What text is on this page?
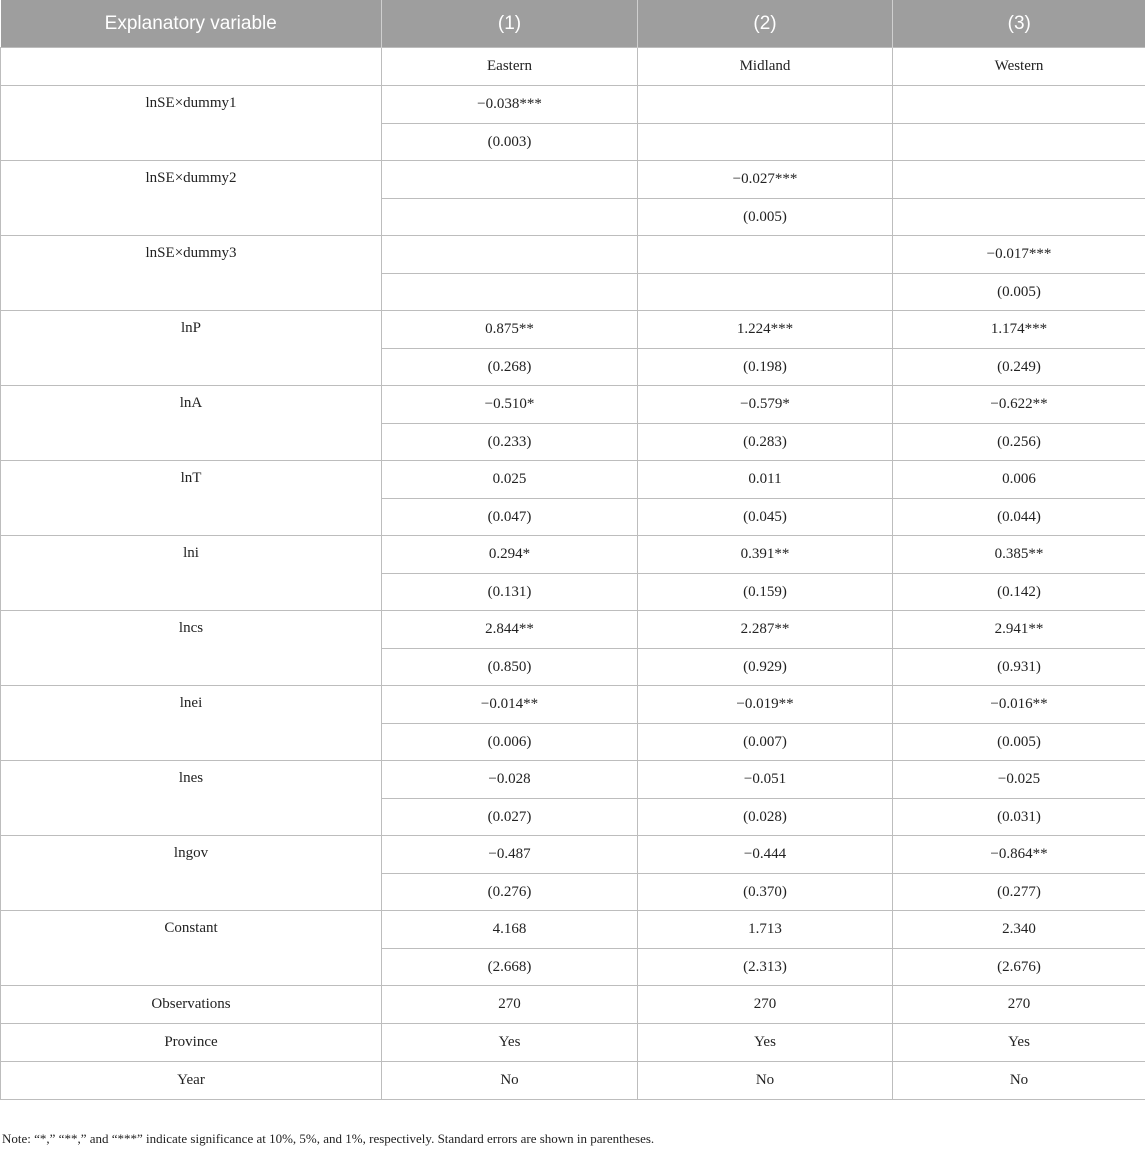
Explanatory variable	(1)	(2)	(3)
	Eastern	Midland	Western
lnSE×dummy1	−0.038***		
	(0.003)		
lnSE×dummy2		−0.027***	
		(0.005)	
lnSE×dummy3			−0.017***
			(0.005)
lnP	0.875**	1.224***	1.174***
	(0.268)	(0.198)	(0.249)
lnA	−0.510*	−0.579*	−0.622**
	(0.233)	(0.283)	(0.256)
lnT	0.025	0.011	0.006
	(0.047)	(0.045)	(0.044)
lni	0.294*	0.391**	0.385**
	(0.131)	(0.159)	(0.142)
lncs	2.844**	2.287**	2.941**
	(0.850)	(0.929)	(0.931)
lnei	−0.014**	−0.019**	−0.016**
	(0.006)	(0.007)	(0.005)
lnes	−0.028	−0.051	−0.025
	(0.027)	(0.028)	(0.031)
lngov	−0.487	−0.444	−0.864**
	(0.276)	(0.370)	(0.277)
Constant	4.168	1.713	2.340
	(2.668)	(2.313)	(2.676)
Observations	270	270	270
Province	Yes	Yes	Yes
Year	No	No	No
Note: “*,” “**,” and “***” indicate significance at 10%, 5%, and 1%, respectively. Standard errors are shown in parentheses.
